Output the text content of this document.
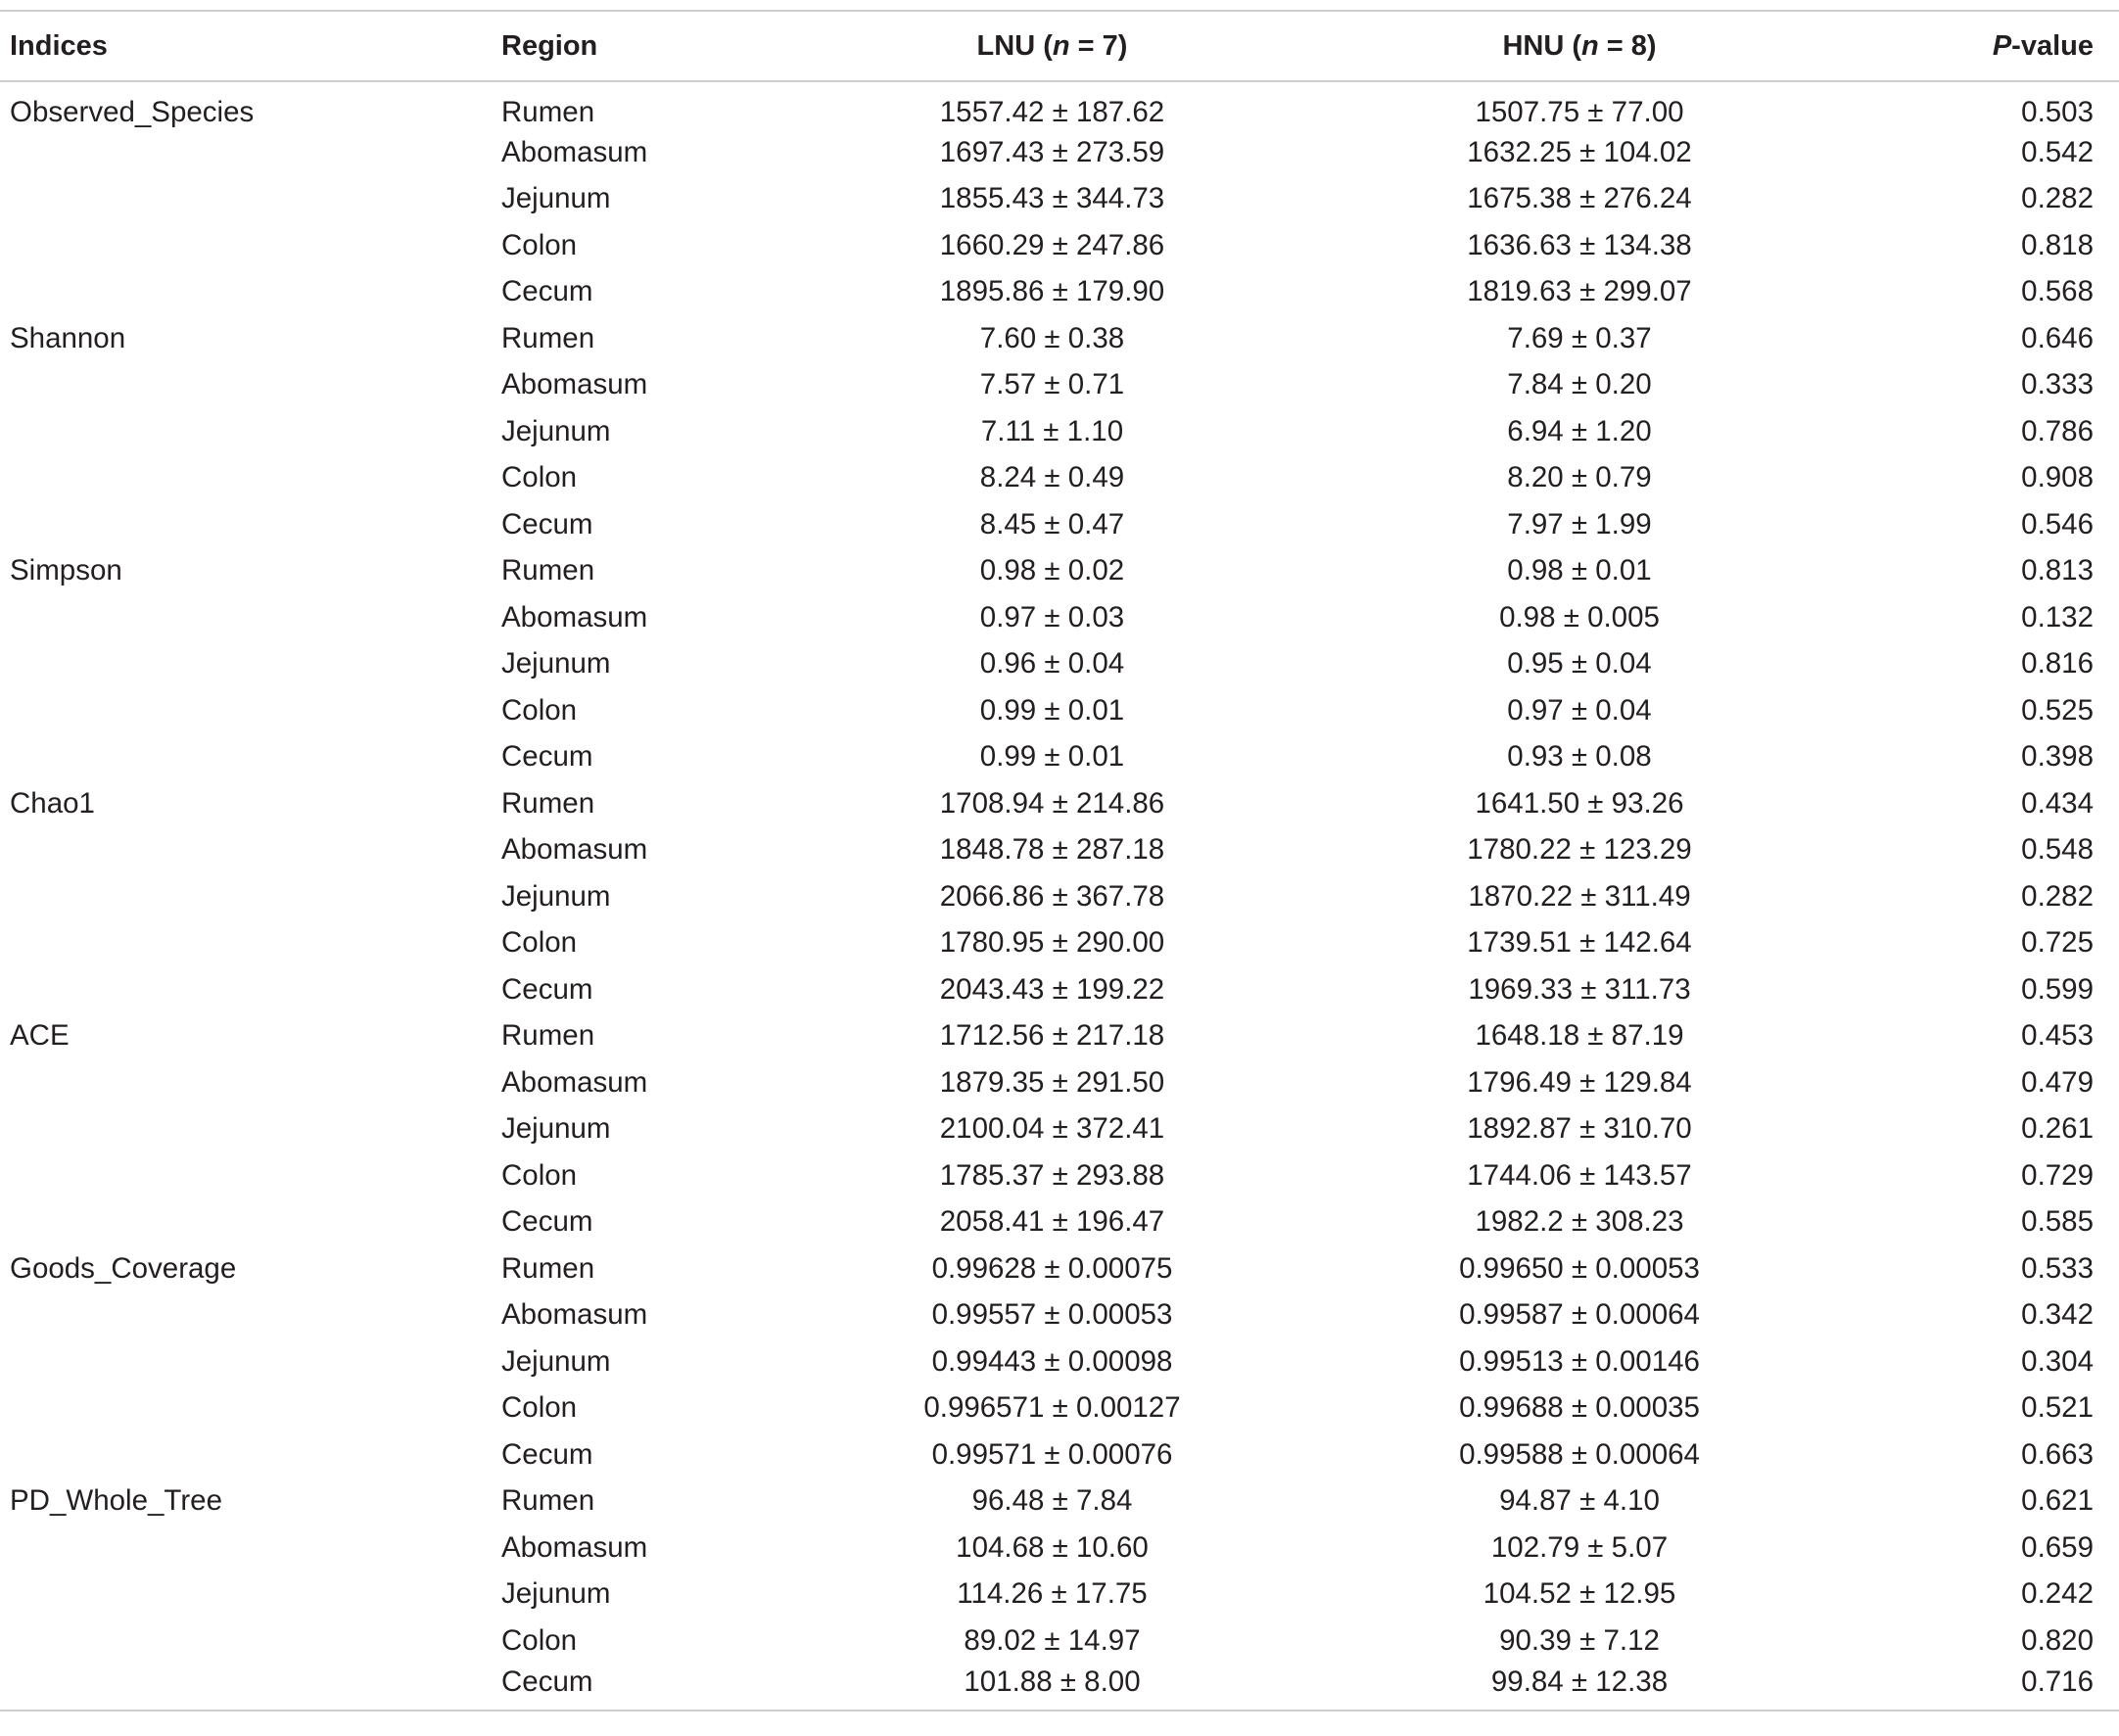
Indices	Region	LNU (n = 7)	HNU (n = 8)	P-value
Observed_Species	Rumen	1557.42 ± 187.62	1507.75 ± 77.00	0.503
	Abomasum	1697.43 ± 273.59	1632.25 ± 104.02	0.542
	Jejunum	1855.43 ± 344.73	1675.38 ± 276.24	0.282
	Colon	1660.29 ± 247.86	1636.63 ± 134.38	0.818
	Cecum	1895.86 ± 179.90	1819.63 ± 299.07	0.568
Shannon	Rumen	7.60 ± 0.38	7.69 ± 0.37	0.646
	Abomasum	7.57 ± 0.71	7.84 ± 0.20	0.333
	Jejunum	7.11 ± 1.10	6.94 ± 1.20	0.786
	Colon	8.24 ± 0.49	8.20 ± 0.79	0.908
	Cecum	8.45 ± 0.47	7.97 ± 1.99	0.546
Simpson	Rumen	0.98 ± 0.02	0.98 ± 0.01	0.813
	Abomasum	0.97 ± 0.03	0.98 ± 0.005	0.132
	Jejunum	0.96 ± 0.04	0.95 ± 0.04	0.816
	Colon	0.99 ± 0.01	0.97 ± 0.04	0.525
	Cecum	0.99 ± 0.01	0.93 ± 0.08	0.398
Chao1	Rumen	1708.94 ± 214.86	1641.50 ± 93.26	0.434
	Abomasum	1848.78 ± 287.18	1780.22 ± 123.29	0.548
	Jejunum	2066.86 ± 367.78	1870.22 ± 311.49	0.282
	Colon	1780.95 ± 290.00	1739.51 ± 142.64	0.725
	Cecum	2043.43 ± 199.22	1969.33 ± 311.73	0.599
ACE	Rumen	1712.56 ± 217.18	1648.18 ± 87.19	0.453
	Abomasum	1879.35 ± 291.50	1796.49 ± 129.84	0.479
	Jejunum	2100.04 ± 372.41	1892.87 ± 310.70	0.261
	Colon	1785.37 ± 293.88	1744.06 ± 143.57	0.729
	Cecum	2058.41 ± 196.47	1982.2 ± 308.23	0.585
Goods_Coverage	Rumen	0.99628 ± 0.00075	0.99650 ± 0.00053	0.533
	Abomasum	0.99557 ± 0.00053	0.99587 ± 0.00064	0.342
	Jejunum	0.99443 ± 0.00098	0.99513 ± 0.00146	0.304
	Colon	0.996571 ± 0.00127	0.99688 ± 0.00035	0.521
	Cecum	0.99571 ± 0.00076	0.99588 ± 0.00064	0.663
PD_Whole_Tree	Rumen	96.48 ± 7.84	94.87 ± 4.10	0.621
	Abomasum	104.68 ± 10.60	102.79 ± 5.07	0.659
	Jejunum	114.26 ± 17.75	104.52 ± 12.95	0.242
	Colon	89.02 ± 14.97	90.39 ± 7.12	0.820
	Cecum	101.88 ± 8.00	99.84 ± 12.38	0.716
